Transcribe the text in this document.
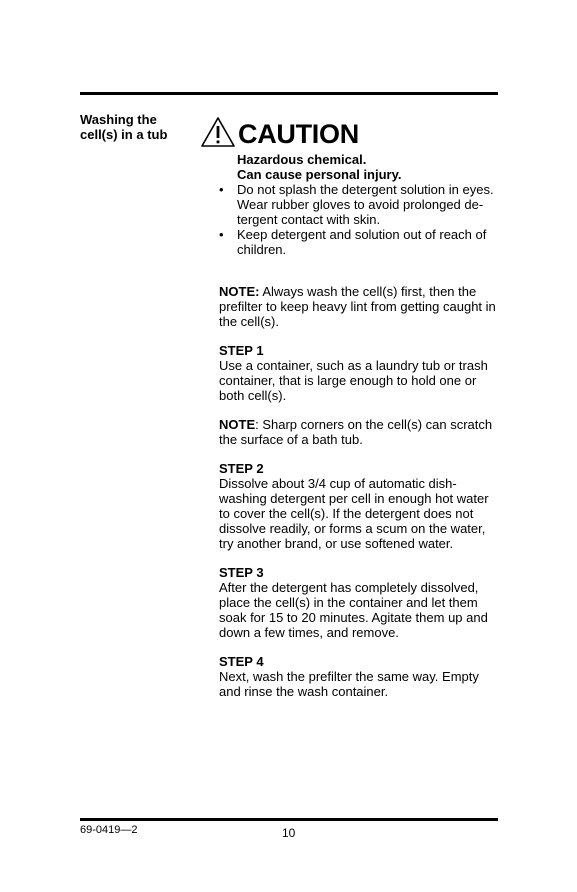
Washing the
cell(s) in a tub	CAUTION
Hazardous chemical.
Can cause personal injury.
• Do not splash the detergent solution in eyes.
Wear rubber gloves to avoid prolonged de-
tergent contact with skin.
• Keep detergent and solution out of reach of
children.
NOTE: Always wash the cell(s) first, then the
prefilter to keep heavy lint from getting caught in
the cell(s).
STEP 1
Use a container, such as a laundry tub or trash
container, that is large enough to hold one or
both cell(s).
NOTE: Sharp corners on the cell(s) can scratch
the surface of a bath tub.
STEP 2
Dissolve about 3/4 cup of automatic dish-
washing detergent per cell in enough hot water
to cover the cell(s). If the detergent does not
dissolve readily, or forms a scum on the water,
try another brand, or use softened water.
STEP 3
After the detergent has completely dissolved,
place the cell(s) in the container and let them
soak for 15 to 20 minutes. Agitate them up and
down a few times, and remove.
STEP 4
Next, wash the prefilter the same way. Empty
and rinse the wash container.
69-0419—2	10
